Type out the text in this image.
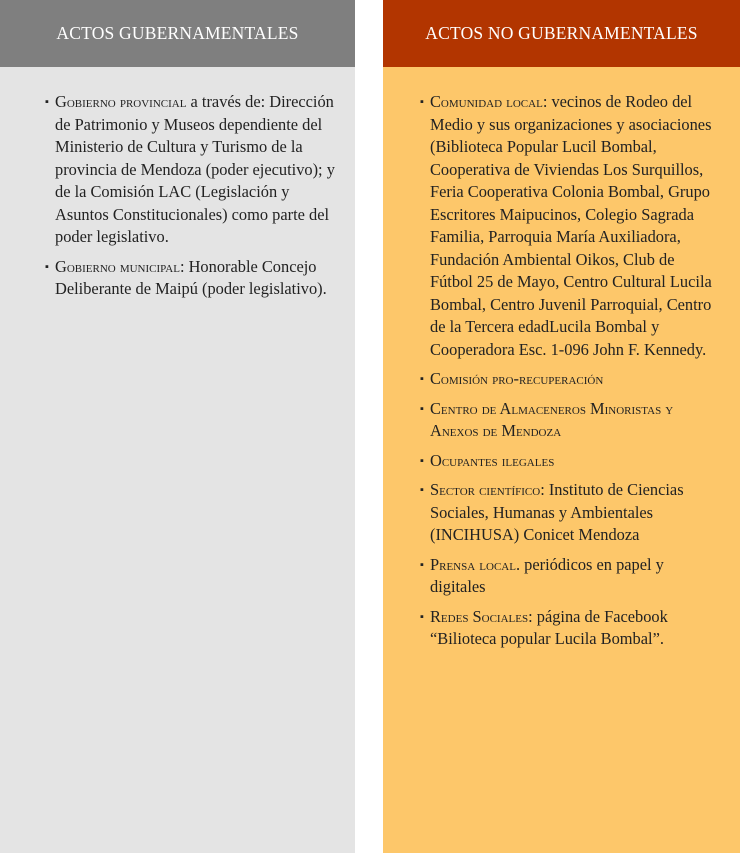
ACTOS GUBERNAMENTALES
▪ Gobierno provincial a través de: Dirección de Patrimonio y Museos dependiente del Ministerio de Cultura y Turismo de la provincia de Mendoza (poder ejecutivo); y de la Comisión LAC (Legislación y Asuntos Constitucionales) como parte del poder legislativo.
▪ Gobierno municipal: Honorable Concejo Deliberante de Maipú (poder legislativo).
ACTOS NO GUBERNAMENTALES
▪ Comunidad local: vecinos de Rodeo del Medio y sus organizaciones y asociaciones (Biblioteca Popular Lucil Bombal, Cooperativa de Viviendas Los Surquillos, Feria Cooperativa Colonia Bombal, Grupo Escritores Maipucinos, Colegio Sagrada Familia, Parroquia María Auxiliadora, Fundación Ambiental Oikos, Club de Fútbol 25 de Mayo, Centro Cultural Lucila Bombal, Centro Juvenil Parroquial, Centro de la Tercera edadLucila Bombal y Cooperadora Esc. 1-096 John F. Kennedy.
▪ Comisión pro-recuperación
▪ Centro de Almaceneros Minoristas y Anexos de Mendoza
▪ Ocupantes ilegales
▪ Sector científico: Instituto de Ciencias Sociales, Humanas y Ambientales (INCIHUSA) Conicet Mendoza
▪ Prensa local. periódicos en papel y digitales
▪ Redes Sociales: página de Facebook “Bilioteca popular Lucila Bombal”.
